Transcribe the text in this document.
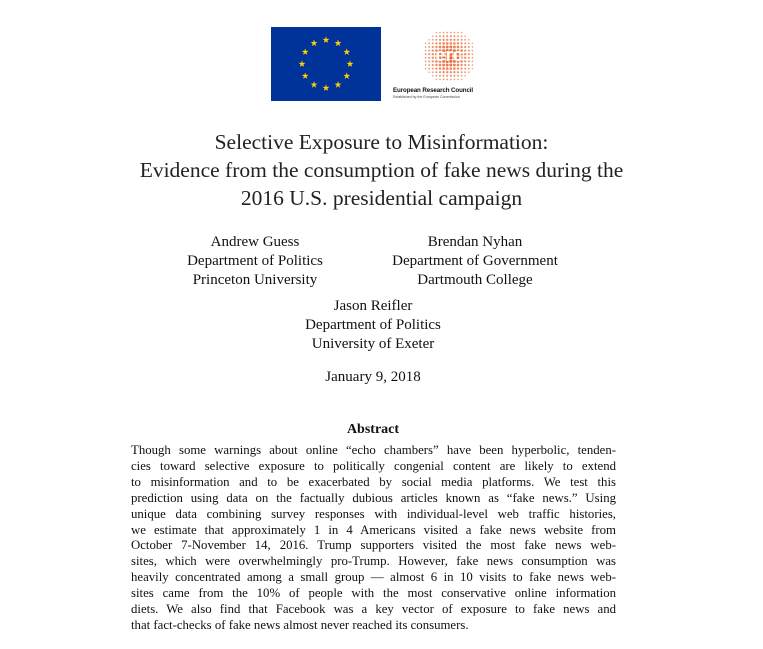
erc
European Research Council
Established by the European Commission
Selective Exposure to Misinformation:
Evidence from the consumption of fake news during the
2016 U.S. presidential campaign
Andrew Guess
Department of Politics
Princeton University
Brendan Nyhan
Department of Government
Dartmouth College
Jason Reifler
Department of Politics
University of Exeter
January 9, 2018
Abstract
Though some warnings about online “echo chambers” have been hyperbolic, tenden-
cies toward selective exposure to politically congenial content are likely to extend
to misinformation and to be exacerbated by social media platforms. We test this
prediction using data on the factually dubious articles known as “fake news.” Using
unique data combining survey responses with individual-level web traffic histories,
we estimate that approximately 1 in 4 Americans visited a fake news website from
October 7-November 14, 2016. Trump supporters visited the most fake news web-
sites, which were overwhelmingly pro-Trump. However, fake news consumption was
heavily concentrated among a small group — almost 6 in 10 visits to fake news web-
sites came from the 10% of people with the most conservative online information
diets. We also find that Facebook was a key vector of exposure to fake news and
that fact-checks of fake news almost never reached its consumers.
